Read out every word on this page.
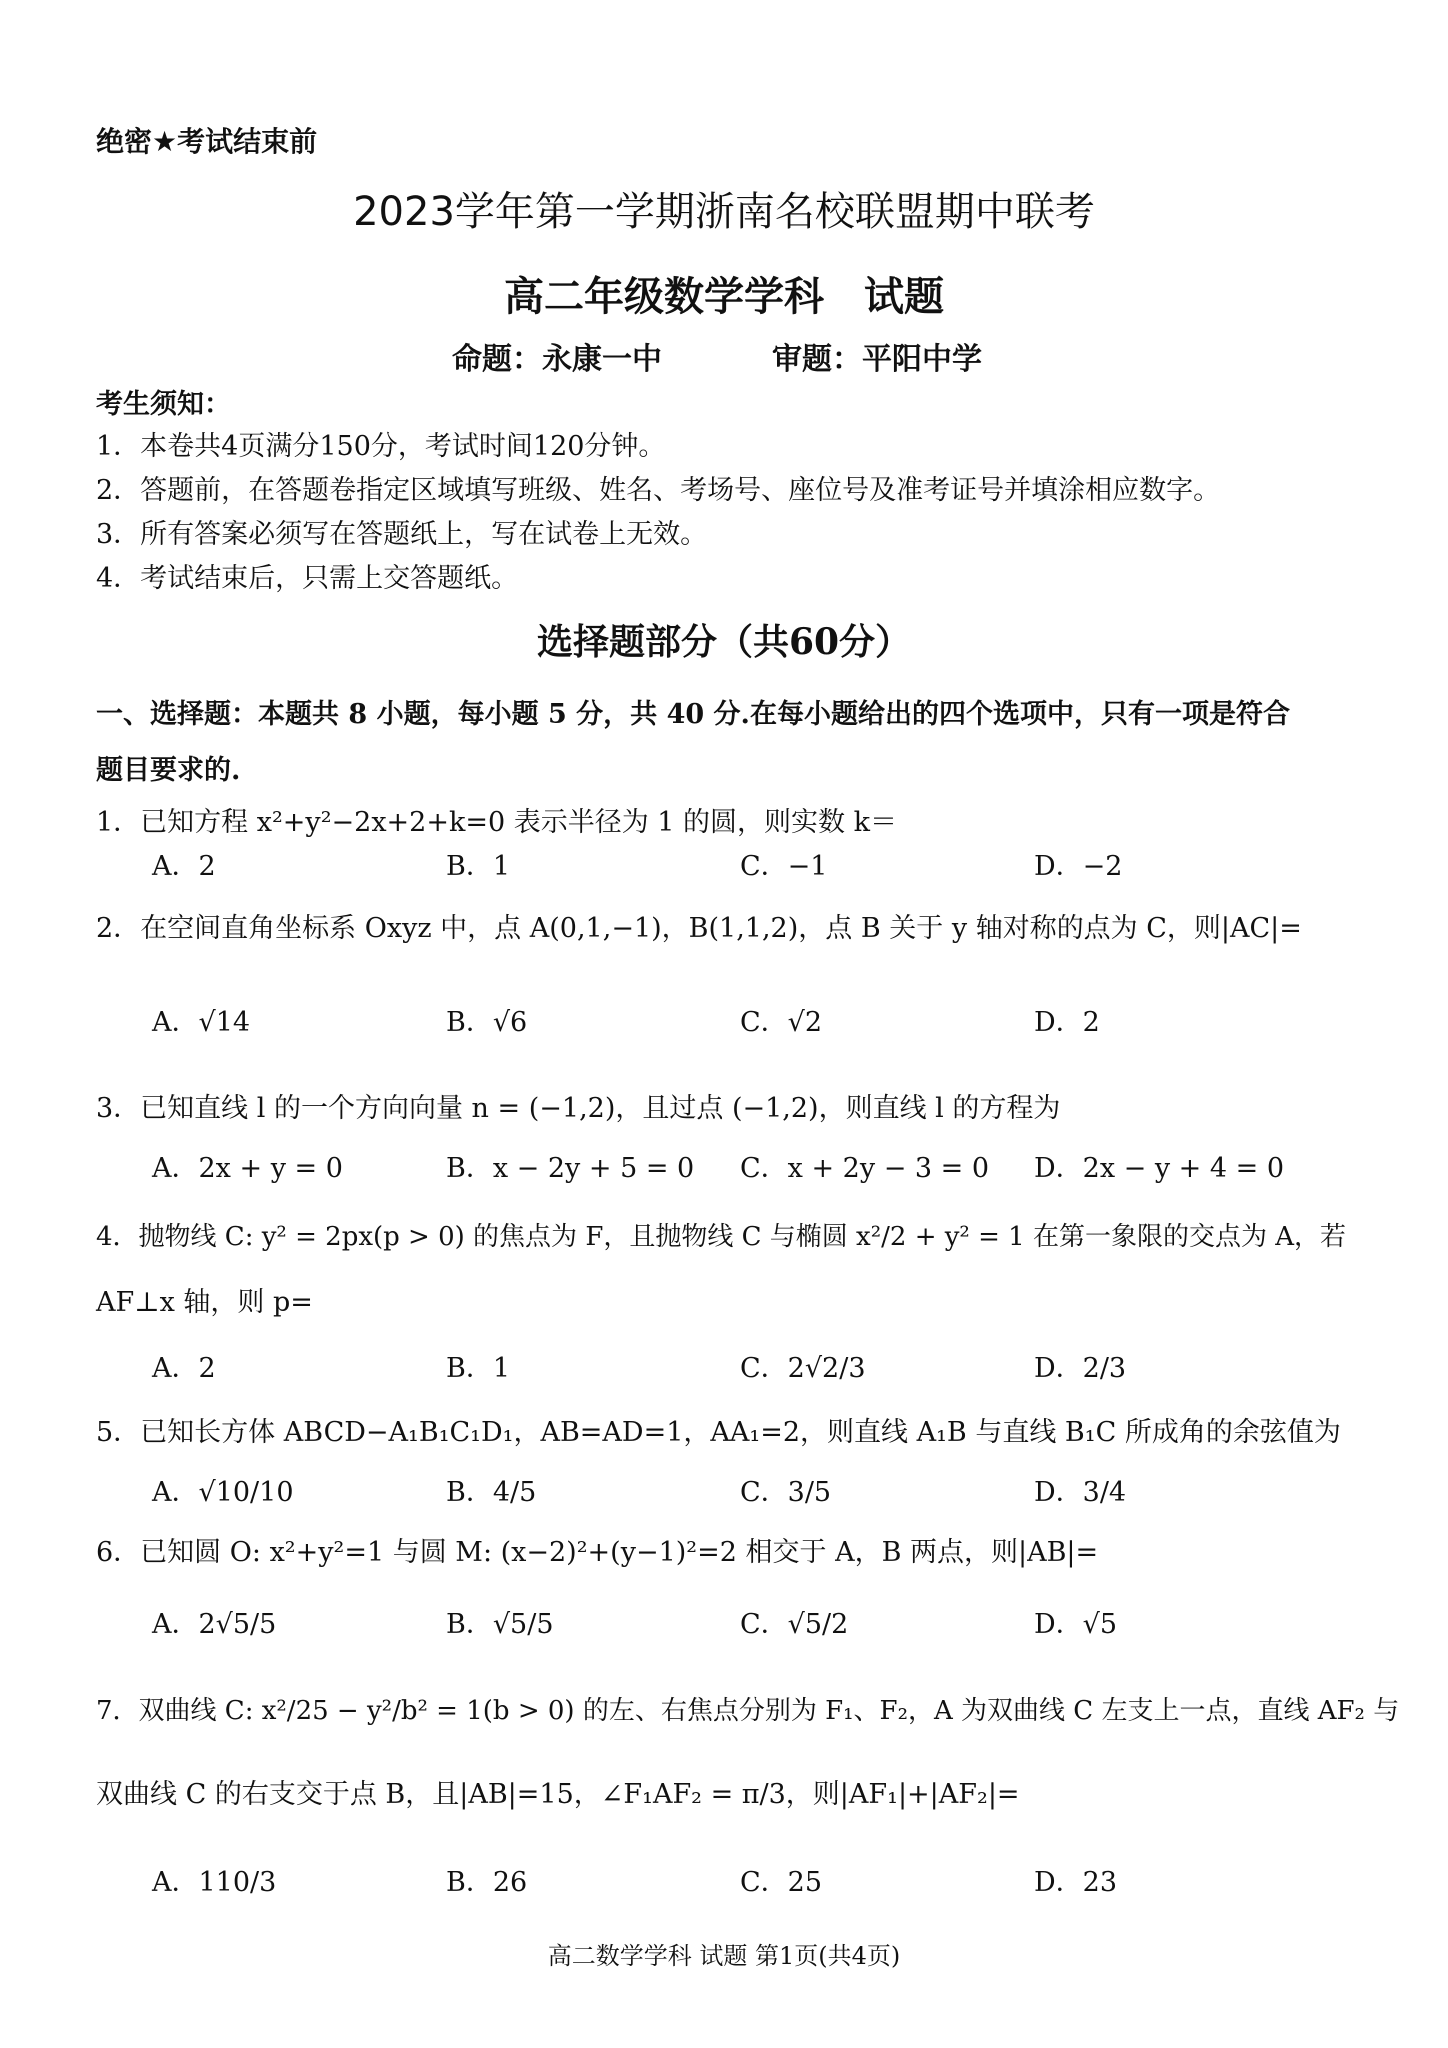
绝密★考试结束前
2023学年第一学期浙南名校联盟期中联考
高二年级数学学科　试题
命题：永康一中	审题：平阳中学
考生须知：
1．本卷共4页满分150分，考试时间120分钟。
2．答题前，在答题卷指定区域填写班级、姓名、考场号、座位号及准考证号并填涂相应数字。
3．所有答案必须写在答题纸上，写在试卷上无效。
4．考试结束后，只需上交答题纸。
选择题部分（共60分）
一、选择题：本题共 8 小题，每小题 5 分，共 40 分.在每小题给出的四个选项中，只有一项是符合
题目要求的.
1．已知方程 x²+y²−2x+2+k=0 表示半径为 1 的圆，则实数 k＝
A．2	B．1	C．−1	D．−2
2．在空间直角坐标系 Oxyz 中，点 A(0,1,−1)，B(1,1,2)，点 B 关于 y 轴对称的点为 C，则|AC|=
A．√14	B．√6	C．√2	D．2
3．已知直线 l 的一个方向向量 n = (−1,2)，且过点 (−1,2)，则直线 l 的方程为
A．2x + y = 0	B．x − 2y + 5 = 0 C．x + 2y − 3 = 0 D．2x − y + 4 = 0
4．抛物线 C: y² = 2px(p > 0) 的焦点为 F，且抛物线 C 与椭圆 x²/2 + y² = 1 在第一象限的交点为 A，若
AF⊥x 轴，则 p=
A．2	B．1	C．2√2/3	D．2/3
5．已知长方体 ABCD−A₁B₁C₁D₁，AB=AD=1，AA₁=2，则直线 A₁B 与直线 B₁C 所成角的余弦值为
A．√10/10	B．4/5	C．3/5	D．3/4
6．已知圆 O: x²+y²=1 与圆 M: (x−2)²+(y−1)²=2 相交于 A，B 两点，则|AB|=
A．2√5/5	B．√5/5	C．√5/2	D．√5
7．双曲线 C: x²/25 − y²/b² = 1(b > 0) 的左、右焦点分别为 F₁、F₂，A 为双曲线 C 左支上一点，直线 AF₂ 与
双曲线 C 的右支交于点 B，且|AB|=15，∠F₁AF₂ = π/3，则|AF₁|+|AF₂|=
A．110/3	B．26	C．25	D．23
高二数学学科 试题 第1页(共4页)
